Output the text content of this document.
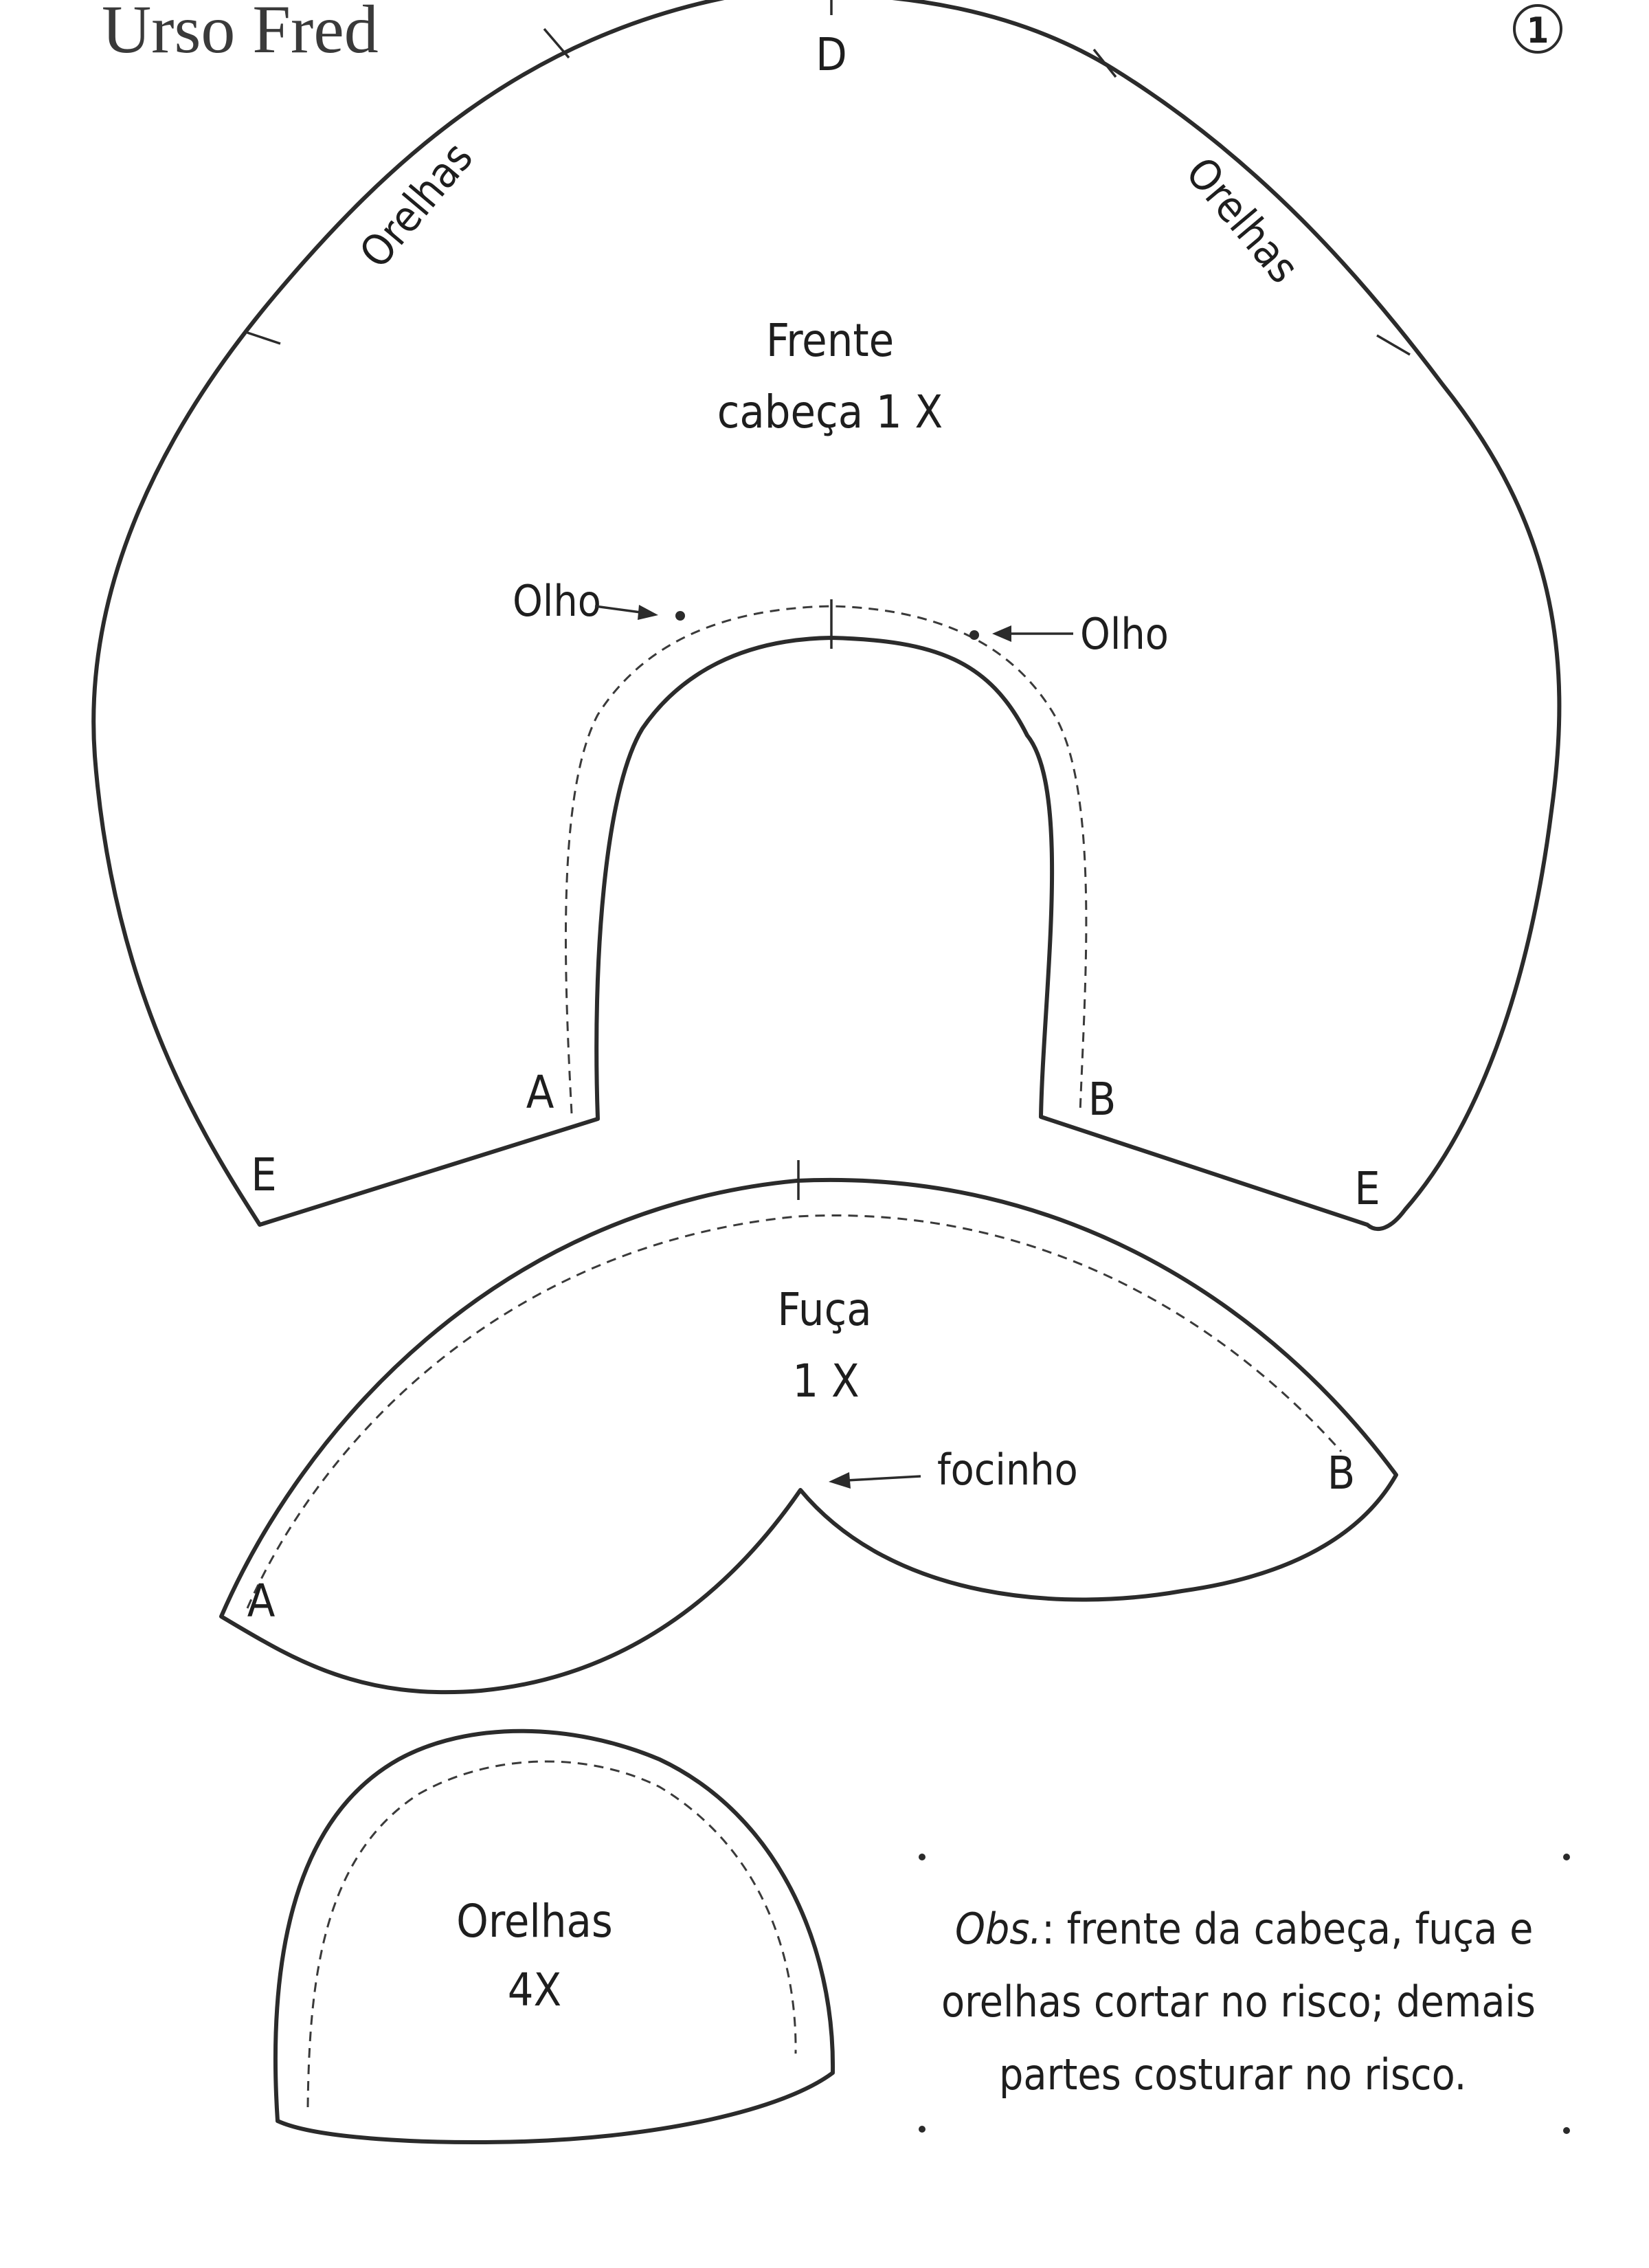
Urso Fred	1
D
Orelhas	Orelhas
Frente
cabeça 1 X
Olho
Olho
A	B
E	E
Fuça
1 X
focinho
A
B
Orelhas
4X
Obs.: frente da cabeça, fuça e
orelhas cortar no risco; demais
partes costurar no risco.
